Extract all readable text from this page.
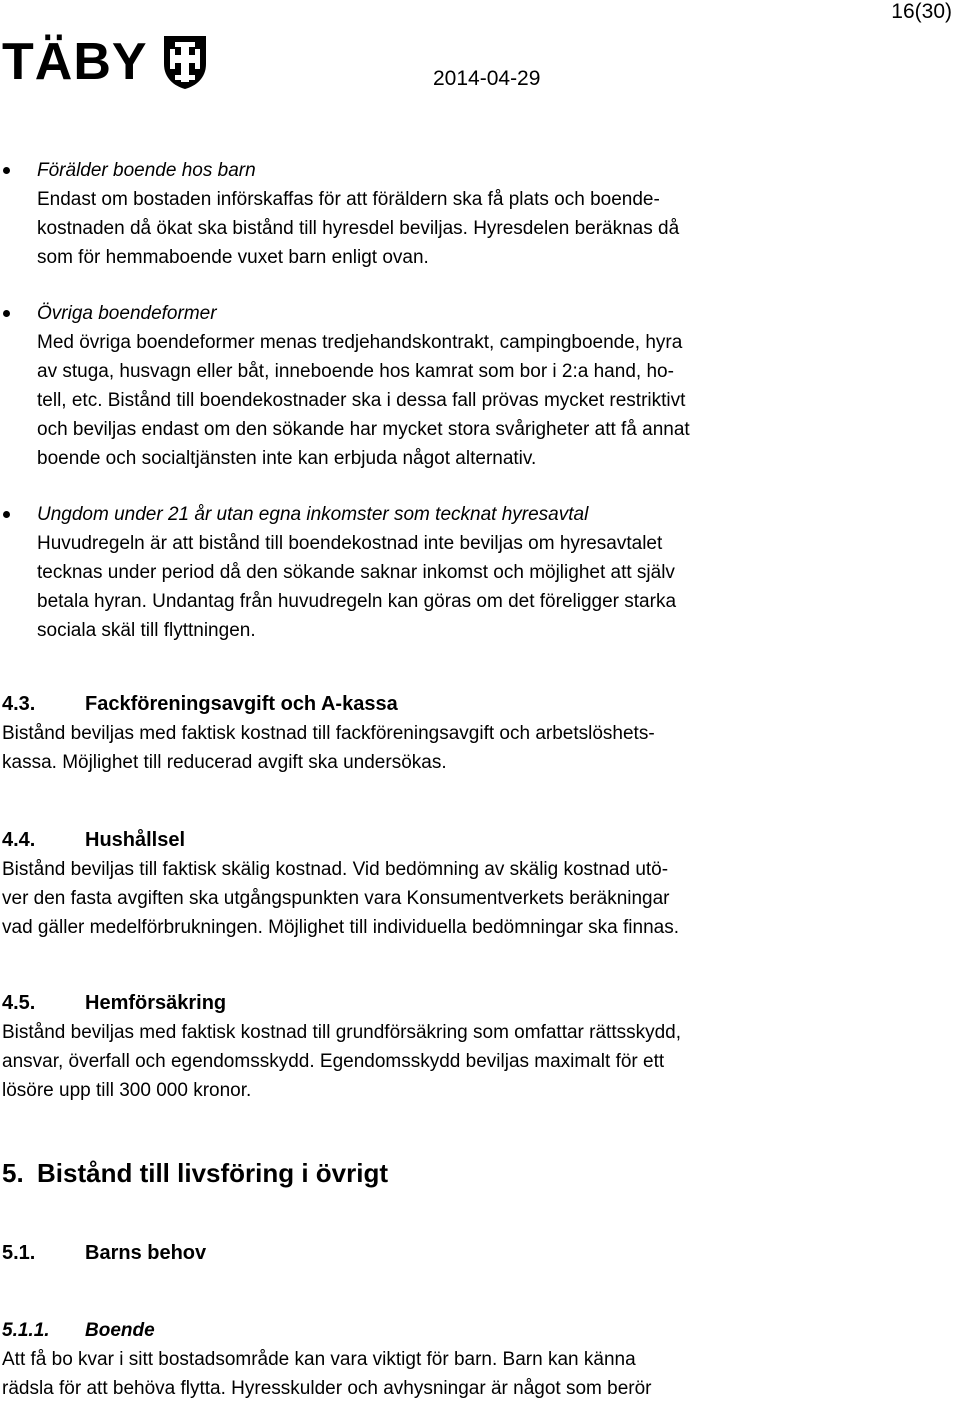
16(30)
TÄBY	2014-04-29
Förälder boende hos barn
Endast om bostaden införskaffas för att föräldern ska få plats och boende-
kostnaden då ökat ska bistånd till hyresdel beviljas. Hyresdelen beräknas då
som för hemmaboende vuxet barn enligt ovan.
Övriga boendeformer
Med övriga boendeformer menas tredjehandskontrakt, campingboende, hyra
av stuga, husvagn eller båt, inneboende hos kamrat som bor i 2:a hand, ho-
tell, etc. Bistånd till boendekostnader ska i dessa fall prövas mycket restriktivt
och beviljas endast om den sökande har mycket stora svårigheter att få annat
boende och socialtjänsten inte kan erbjuda något alternativ.
Ungdom under 21 år utan egna inkomster som tecknat hyresavtal
Huvudregeln är att bistånd till boendekostnad inte beviljas om hyresavtalet
tecknas under period då den sökande saknar inkomst och möjlighet att själv
betala hyran. Undantag från huvudregeln kan göras om det föreligger starka
sociala skäl till flyttningen.
4.3. Fackföreningsavgift och A-kassa
Bistånd beviljas med faktisk kostnad till fackföreningsavgift och arbetslöshets-
kassa. Möjlighet till reducerad avgift ska undersökas.
4.4. Hushållsel
Bistånd beviljas till faktisk skälig kostnad. Vid bedömning av skälig kostnad utö-
ver den fasta avgiften ska utgångspunkten vara Konsumentverkets beräkningar
vad gäller medelförbrukningen. Möjlighet till individuella bedömningar ska finnas.
4.5. Hemförsäkring
Bistånd beviljas med faktisk kostnad till grundförsäkring som omfattar rättsskydd,
ansvar, överfall och egendomsskydd. Egendomsskydd beviljas maximalt för ett
lösöre upp till 300 000 kronor.
5. Bistånd till livsföring i övrigt
5.1. Barns behov
5.1.1. Boende
Att få bo kvar i sitt bostadsområde kan vara viktigt för barn. Barn kan känna
rädsla för att behöva flytta. Hyresskulder och avhysningar är något som berör
